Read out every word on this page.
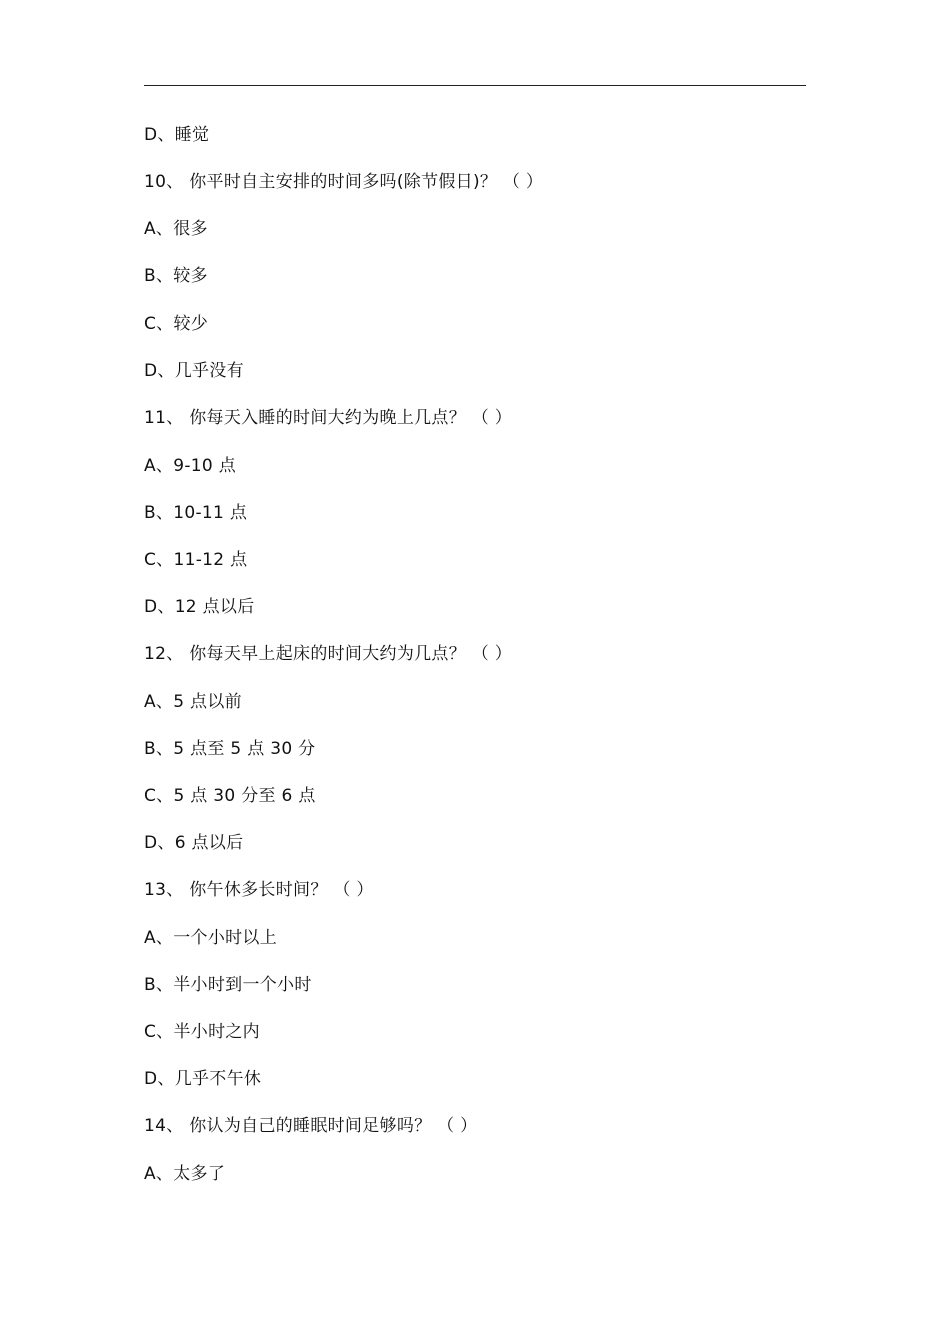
D、睡觉
10、 你平时自主安排的时间多吗(除节假日)？ （ ）
A、很多
B、较多
C、较少
D、几乎没有
11、 你每天入睡的时间大约为晚上几点？ （ ）
A、9-10 点
B、10-11 点
C、11-12 点
D、12 点以后
12、 你每天早上起床的时间大约为几点？ （ ）
A、5 点以前
B、5 点至 5 点 30 分
C、5 点 30 分至 6 点
D、6 点以后
13、 你午休多长时间？ （ ）
A、一个小时以上
B、半小时到一个小时
C、半小时之内
D、几乎不午休
14、 你认为自己的睡眠时间足够吗？ （ ）
A、太多了
